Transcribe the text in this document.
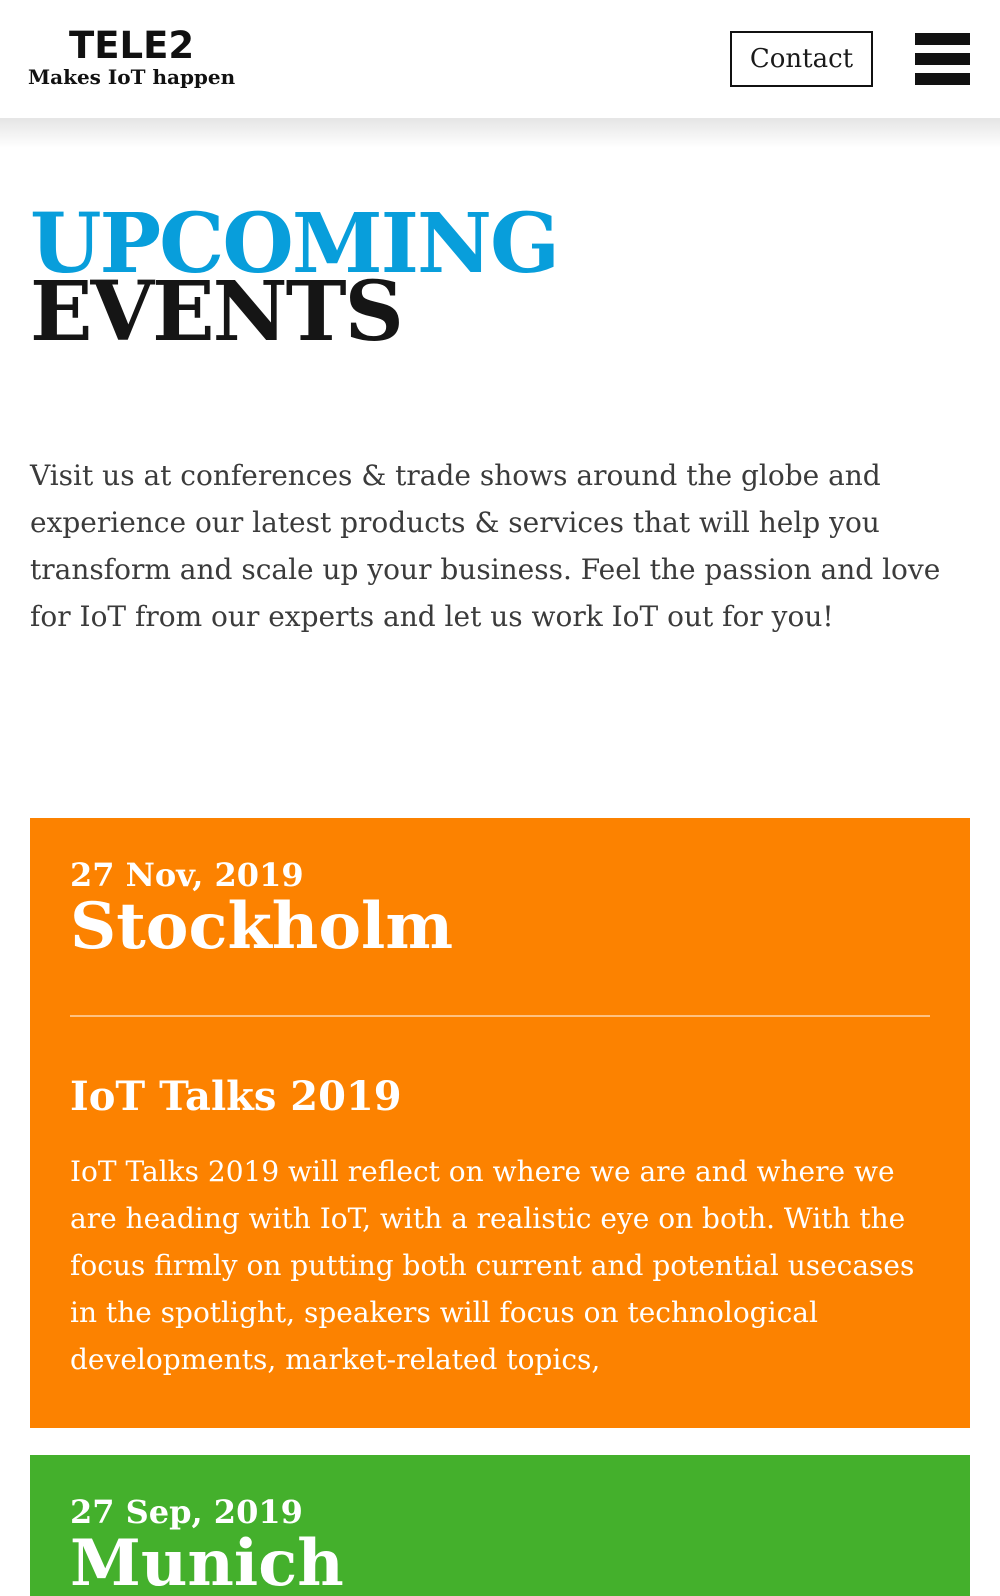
TELE2
Makes IoT happen
Contact
UPCOMING
EVENTS

Visit us at conferences & trade shows around the globe and experience our latest products & services that will help you transform and scale up your business. Feel the passion and love for IoT from our experts and let us work IoT out for you!

27 Nov, 2019
Stockholm
IoT Talks 2019

IoT Talks 2019 will reflect on where we are and where we are heading with IoT, with a realistic eye on both. With the focus firmly on putting both current and potential usecases in the spotlight, speakers will focus on technological developments, market-related topics,

27 Sep, 2019
Munich
